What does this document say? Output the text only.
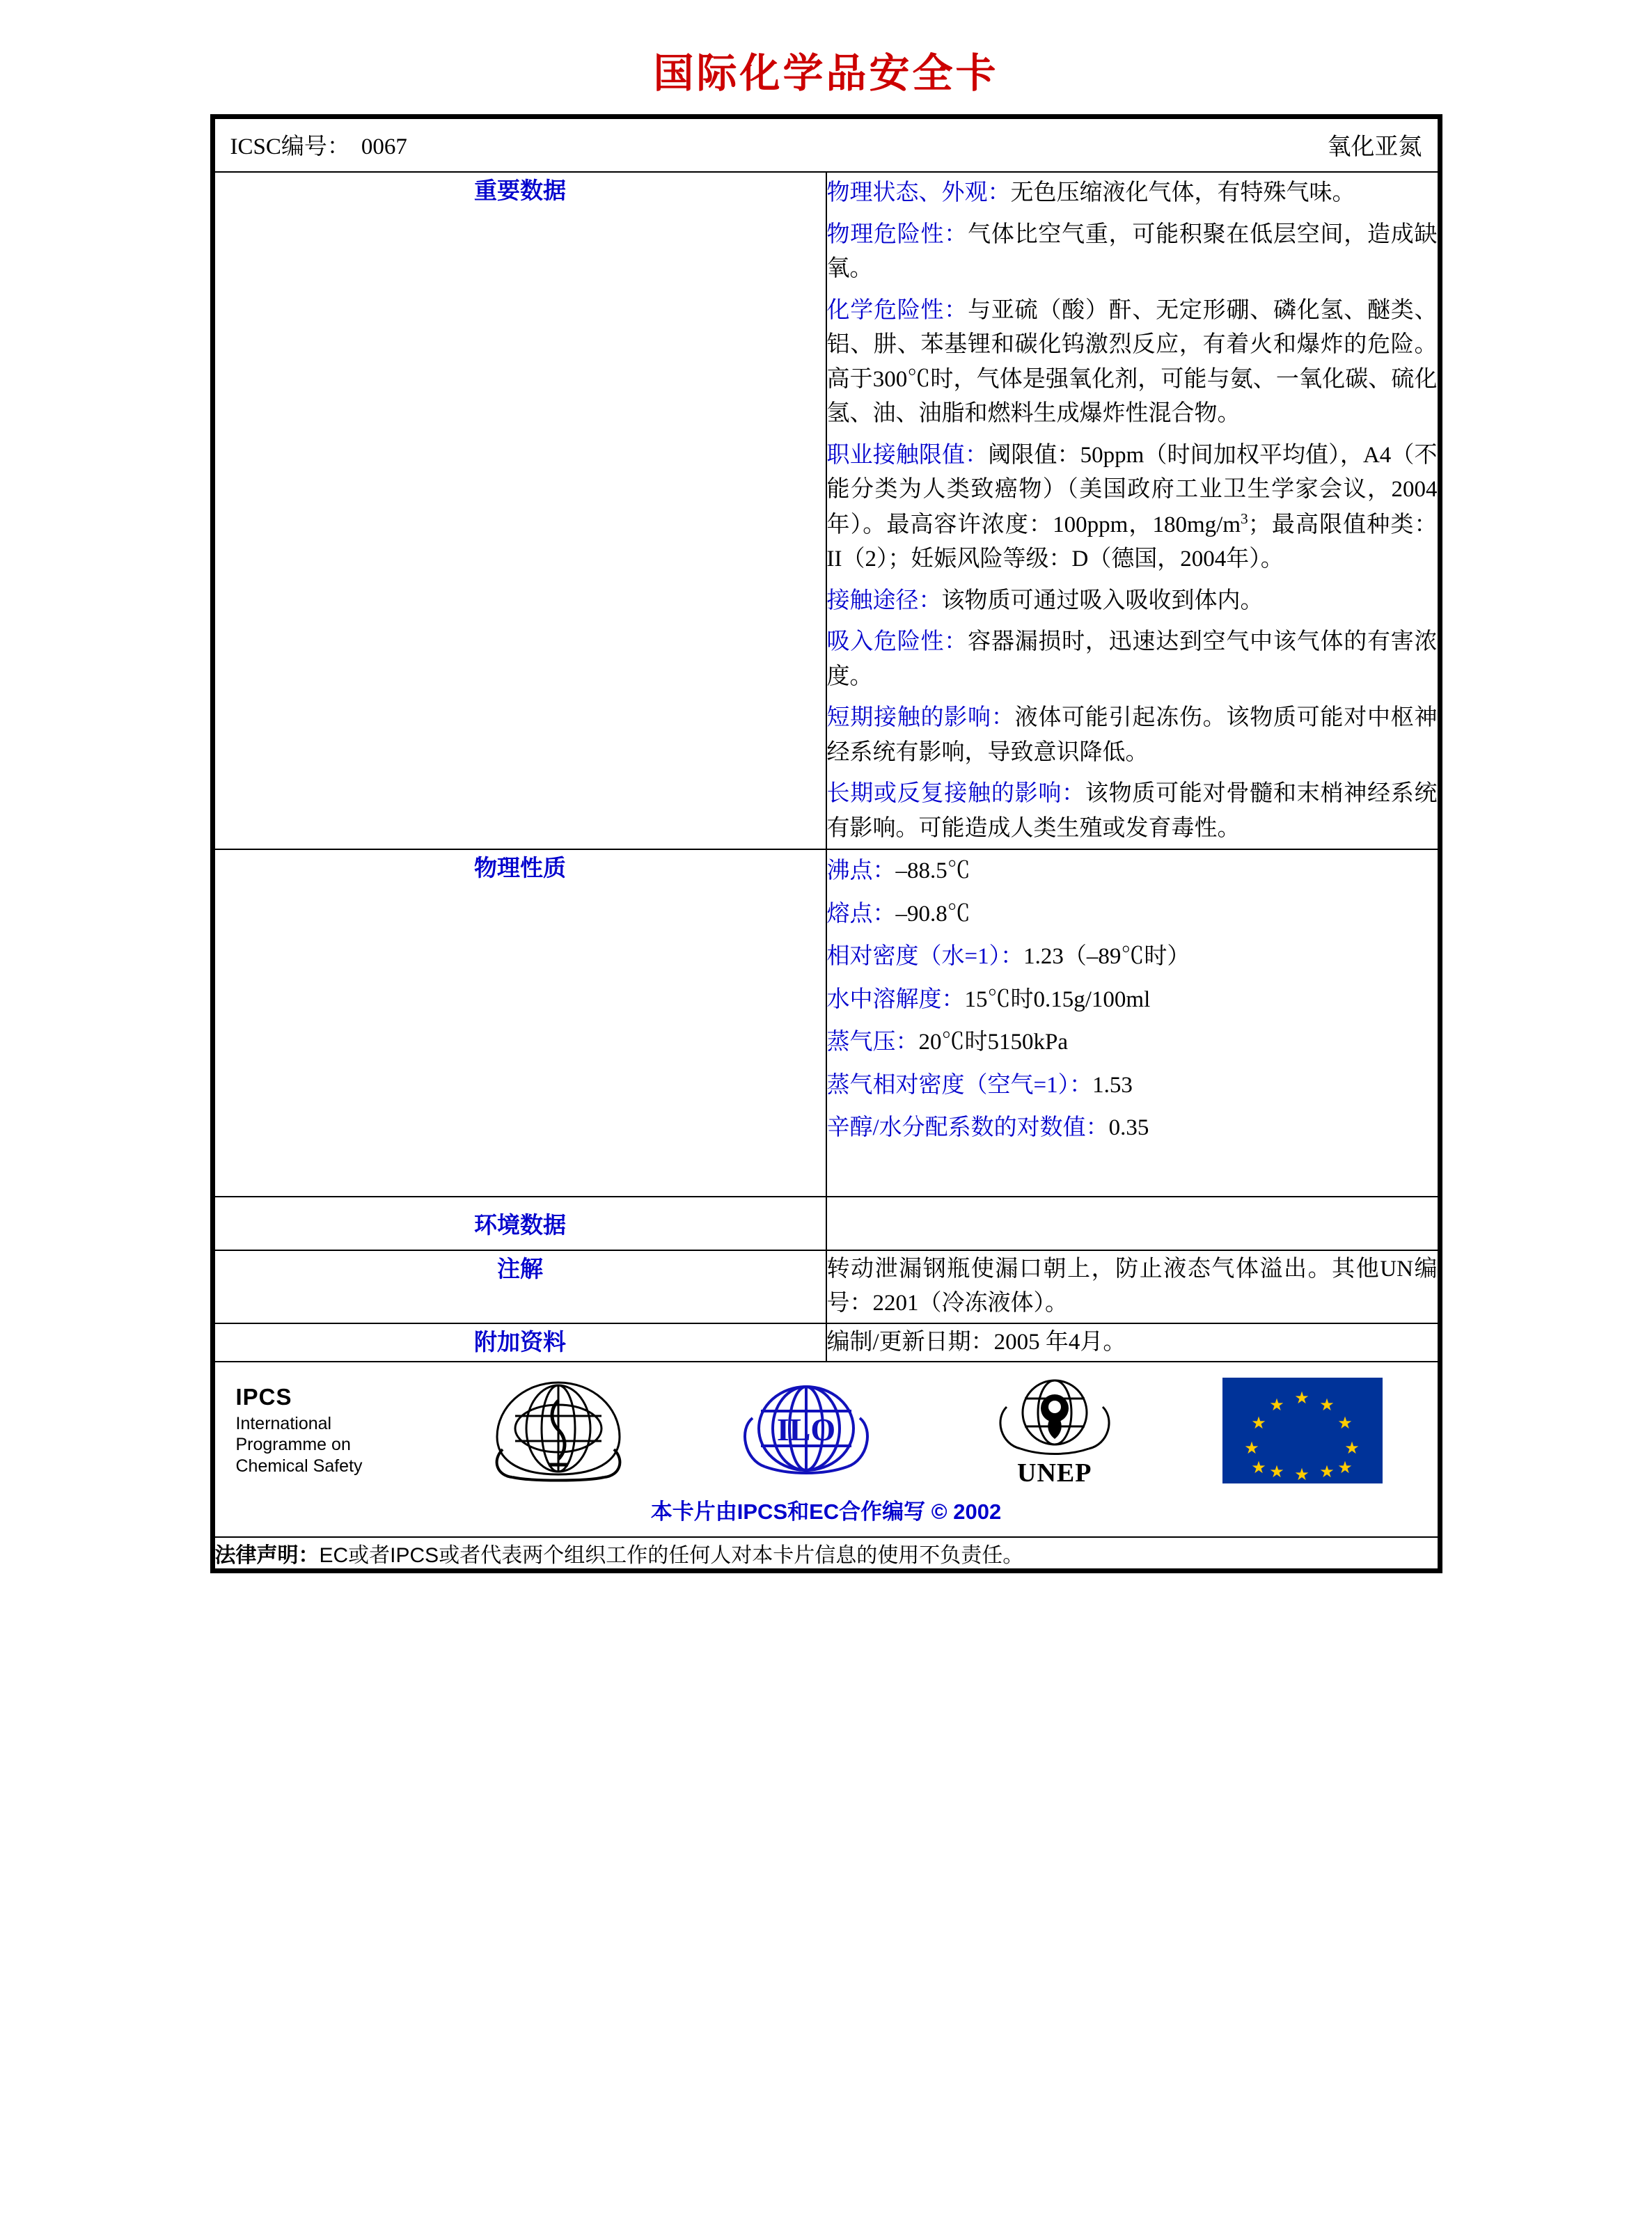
国际化学品安全卡
ICSC编号： 0067 氧化亚氮	

重要数据	物理状态、外观：无色压缩液化气体，有特殊气味。

物理危险性：气体比空气重，可能积聚在低层空间，造成缺氧。

化学危险性：与亚硫（酸）酐、无定形硼、磷化氢、醚类、铝、肼、苯基锂和碳化钨激烈反应，有着火和爆炸的危险。高于300℃时，气体是强氧化剂，可能与氨、一氧化碳、硫化氢、油、油脂和燃料生成爆炸性混合物。

职业接触限值：阈限值：50ppm（时间加权平均值），A4（不能分类为人类致癌物）（美国政府工业卫生学家会议，2004年）。最高容许浓度：100ppm，$180mg/m^3$；最高限值种类：II（2）；妊娠风险等级：D（德国，2004年）。

接触途径：该物质可通过吸入吸收到体内。

吸入危险性：容器漏损时，迅速达到空气中该气体的有害浓度。

短期接触的影响：液体可能引起冻伤。该物质可能对中枢神经系统有影响，导致意识降低。

长期或反复接触的影响：该物质可能对骨髓和末梢神经系统有影响。可能造成人类生殖或发育毒性。

物理性质	沸点：–88.5℃

熔点：–90.8℃

相对密度（水=1）：1.23（–89℃时）

水中溶解度：15℃时0.15g/100ml

蒸气压：20℃时5150kPa

蒸气相对密度（空气=1）：1.53

辛醇/水分配系数的对数值：0.35

环境数据	
注解	转动泄漏钢瓶使漏口朝上，防止液态气体溢出。其他UN编号：2201（冷冻液体）。

附加资料	编制/更新日期：2005 年4月。

IPCS
International
Programme on
Chemical Safety
ILO
UNEP
★ ★
★
★
★
★
★
★
★
★
★
★
本卡片由IPCS和EC合作编写 © 2002

法律声明：EC或者IPCS或者代表两个组织工作的任何人对本卡片信息的使用不负责任。	
